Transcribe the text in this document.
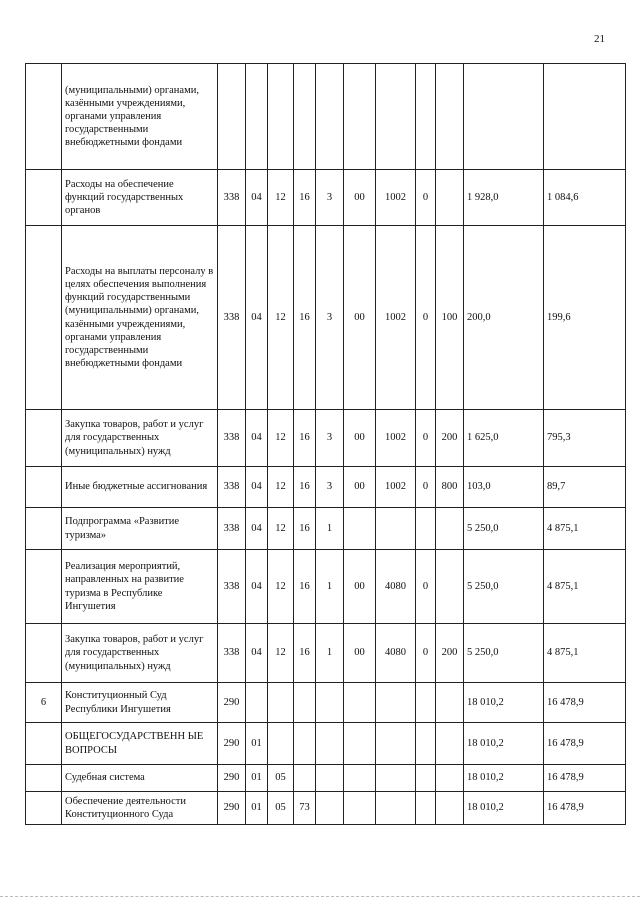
21
	(муниципальными) органами, казёнными учреждениями, органами управления государственными внебюджетными фондами											
	Расходы на обеспечение функций государственных органов	338	04	12	16	3	00	1002	0		1 928,0	1 084,6
	Расходы на выплаты персоналу в целях обеспечения выполнения функций государственными (муниципальными) органами, казёнными учреждениями, органами управления государственными внебюджетными фондами	338	04	12	16	3	00	1002	0	100	200,0	199,6
	Закупка товаров, работ и услуг для государственных (муниципальных) нужд	338	04	12	16	3	00	1002	0	200	1 625,0	795,3
	Иные бюджетные ассигнования	338	04	12	16	3	00	1002	0	800	103,0	89,7
	Подпрограмма «Развитие туризма»	338	04	12	16	1					5 250,0	4 875,1
	Реализация мероприятий, направленных на развитие туризма в Республике Ингушетия	338	04	12	16	1	00	4080	0		5 250,0	4 875,1
	Закупка товаров, работ и услуг для государственных (муниципальных) нужд	338	04	12	16	1	00	4080	0	200	5 250,0	4 875,1
6	Конституционный Суд Республики Ингушетия	290									18 010,2	16 478,9
	ОБЩЕГОСУДАРСТВЕНН ЫЕ ВОПРОСЫ	290	01								18 010,2	16 478,9
	Судебная система	290	01	05							18 010,2	16 478,9
	Обеспечение деятельности Конституционного Суда	290	01	05	73						18 010,2	16 478,9
